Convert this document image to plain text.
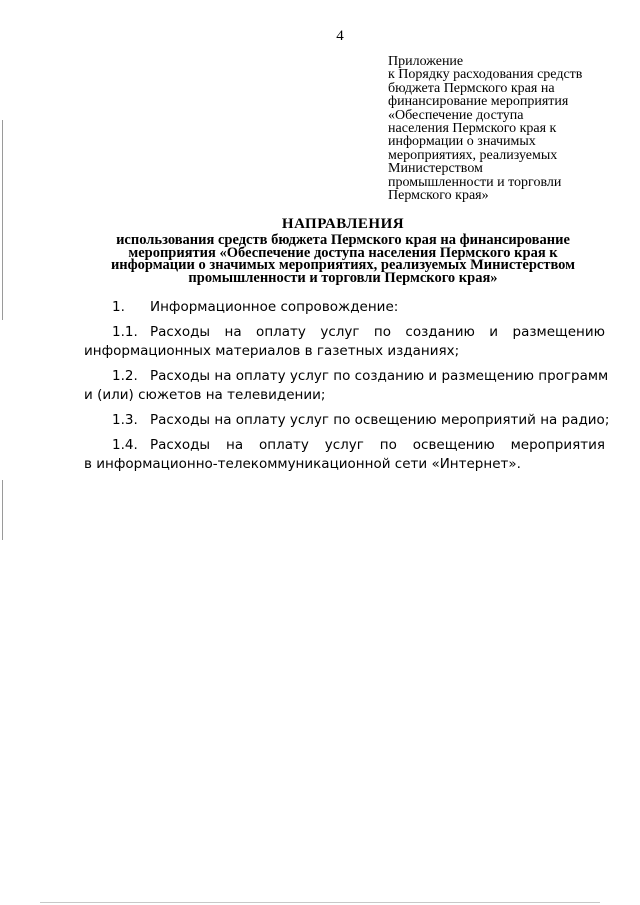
4
Приложение
к Порядку расходования средств
бюджета Пермского края на
финансирование мероприятия
«Обеспечение доступа
населения Пермского края к
информации о значимых
мероприятиях, реализуемых
Министерством
промышленности и торговли
Пермского края»
НАПРАВЛЕНИЯ
использования средств бюджета Пермского края на финансирование
мероприятия «Обеспечение доступа населения Пермского края к
информации о значимых мероприятиях, реализуемых Министерством
промышленности и торговли Пермского края»
1. Информационное сопровождение:
1.1. Расходы на оплату услуг по созданию и размещению
информационных материалов в газетных изданиях;
1.2. Расходы на оплату услуг по созданию и размещению программ
и (или) сюжетов на телевидении;
1.3. Расходы на оплату услуг по освещению мероприятий на радио;
1.4. Расходы на оплату услуг по освещению мероприятия
в информационно-телекоммуникационной сети «Интернет».
